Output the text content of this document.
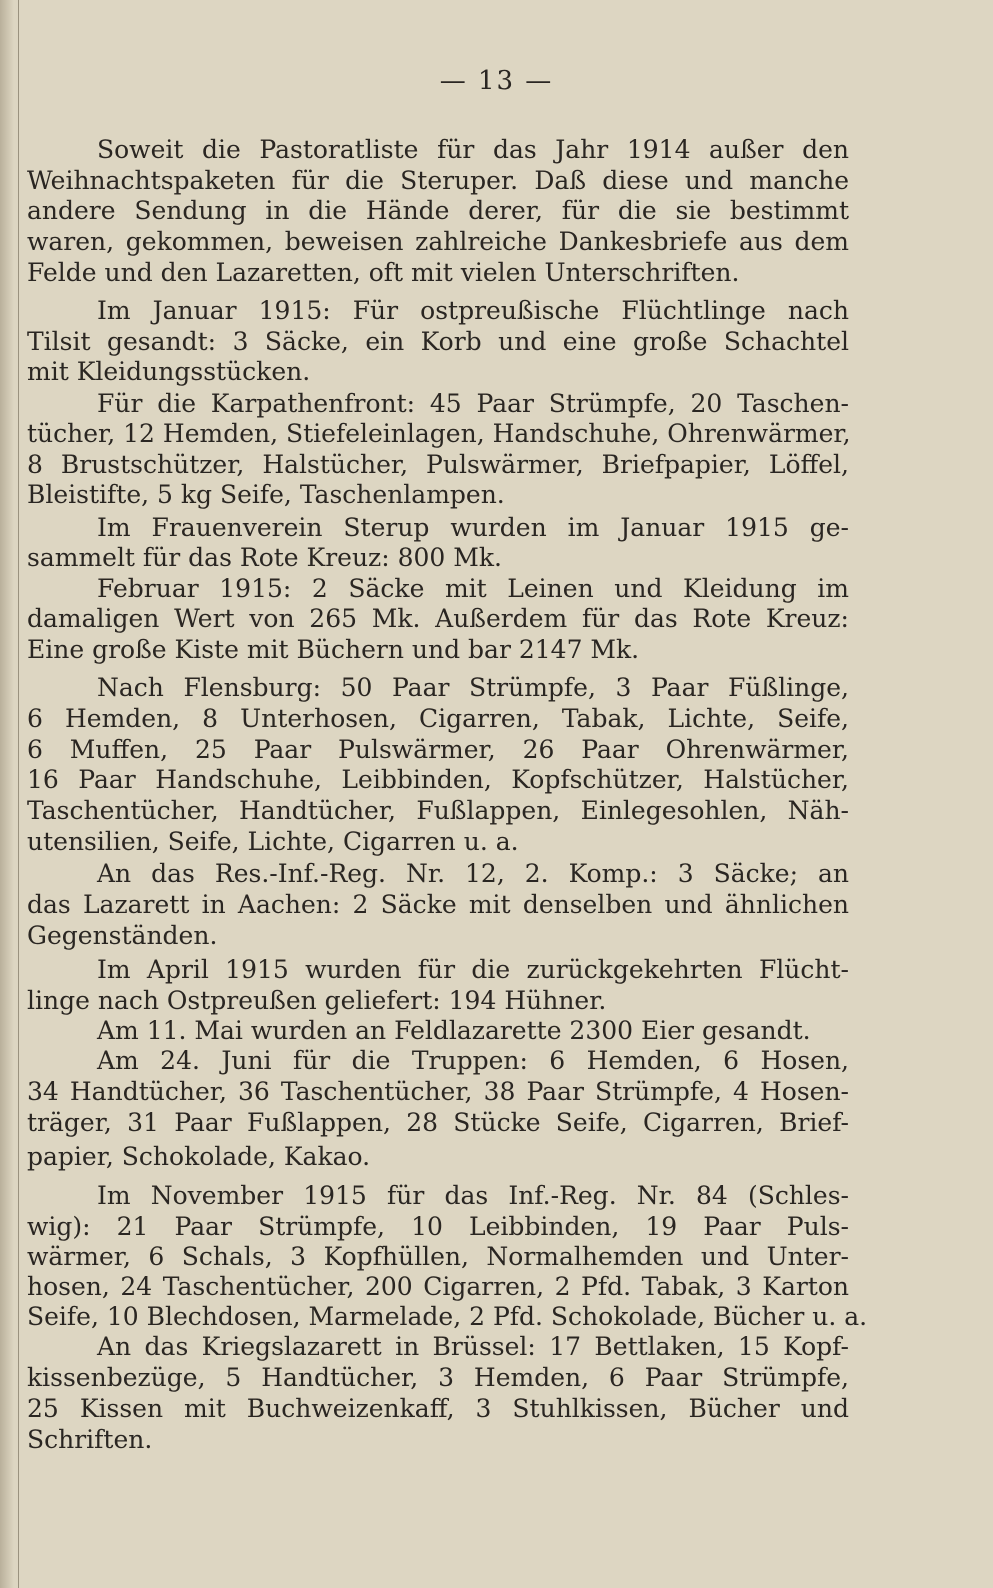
— 13 —
Soweit die Pastoratliste für das Jahr 1914 außer den
Weihnachtspaketen für die Steruper. Daß diese und manche
andere Sendung in die Hände derer, für die sie bestimmt
waren, gekommen, beweisen zahlreiche Dankesbriefe aus dem
Felde und den Lazaretten, oft mit vielen Unterschriften.
Im Januar 1915: Für ostpreußische Flüchtlinge nach
Tilsit gesandt: 3 Säcke, ein Korb und eine große Schachtel
mit Kleidungsstücken.
Für die Karpathenfront: 45 Paar Strümpfe, 20 Taschen-
tücher, 12 Hemden, Stiefeleinlagen, Handschuhe, Ohrenwärmer,
8 Brustschützer, Halstücher, Pulswärmer, Briefpapier, Löffel,
Bleistifte, 5 kg Seife, Taschenlampen.
Im Frauenverein Sterup wurden im Januar 1915 ge-
sammelt für das Rote Kreuz: 800 Mk.
Februar 1915: 2 Säcke mit Leinen und Kleidung im
damaligen Wert von 265 Mk. Außerdem für das Rote Kreuz:
Eine große Kiste mit Büchern und bar 2147 Mk.
Nach Flensburg: 50 Paar Strümpfe, 3 Paar Füßlinge,
6 Hemden, 8 Unterhosen, Cigarren, Tabak, Lichte, Seife,
6 Muffen, 25 Paar Pulswärmer, 26 Paar Ohrenwärmer,
16 Paar Handschuhe, Leibbinden, Kopfschützer, Halstücher,
Taschentücher, Handtücher, Fußlappen, Einlegesohlen, Näh-
utensilien, Seife, Lichte, Cigarren u. a.
An das Res.-Inf.-Reg. Nr. 12, 2. Komp.: 3 Säcke; an
das Lazarett in Aachen: 2 Säcke mit denselben und ähnlichen
Gegenständen.
Im April 1915 wurden für die zurückgekehrten Flücht-
linge nach Ostpreußen geliefert: 194 Hühner.
Am 11. Mai wurden an Feldlazarette 2300 Eier gesandt.
Am 24. Juni für die Truppen: 6 Hemden, 6 Hosen,
34 Handtücher, 36 Taschentücher, 38 Paar Strümpfe, 4 Hosen-
träger, 31 Paar Fußlappen, 28 Stücke Seife, Cigarren, Brief-
papier, Schokolade, Kakao.
Im November 1915 für das Inf.-Reg. Nr. 84 (Schles-
wig): 21 Paar Strümpfe, 10 Leibbinden, 19 Paar Puls-
wärmer, 6 Schals, 3 Kopfhüllen, Normalhemden und Unter-
hosen, 24 Taschentücher, 200 Cigarren, 2 Pfd. Tabak, 3 Karton
Seife, 10 Blechdosen, Marmelade, 2 Pfd. Schokolade, Bücher u. a.
An das Kriegslazarett in Brüssel: 17 Bettlaken, 15 Kopf-
kissenbezüge, 5 Handtücher, 3 Hemden, 6 Paar Strümpfe,
25 Kissen mit Buchweizenkaff, 3 Stuhlkissen, Bücher und
Schriften.
